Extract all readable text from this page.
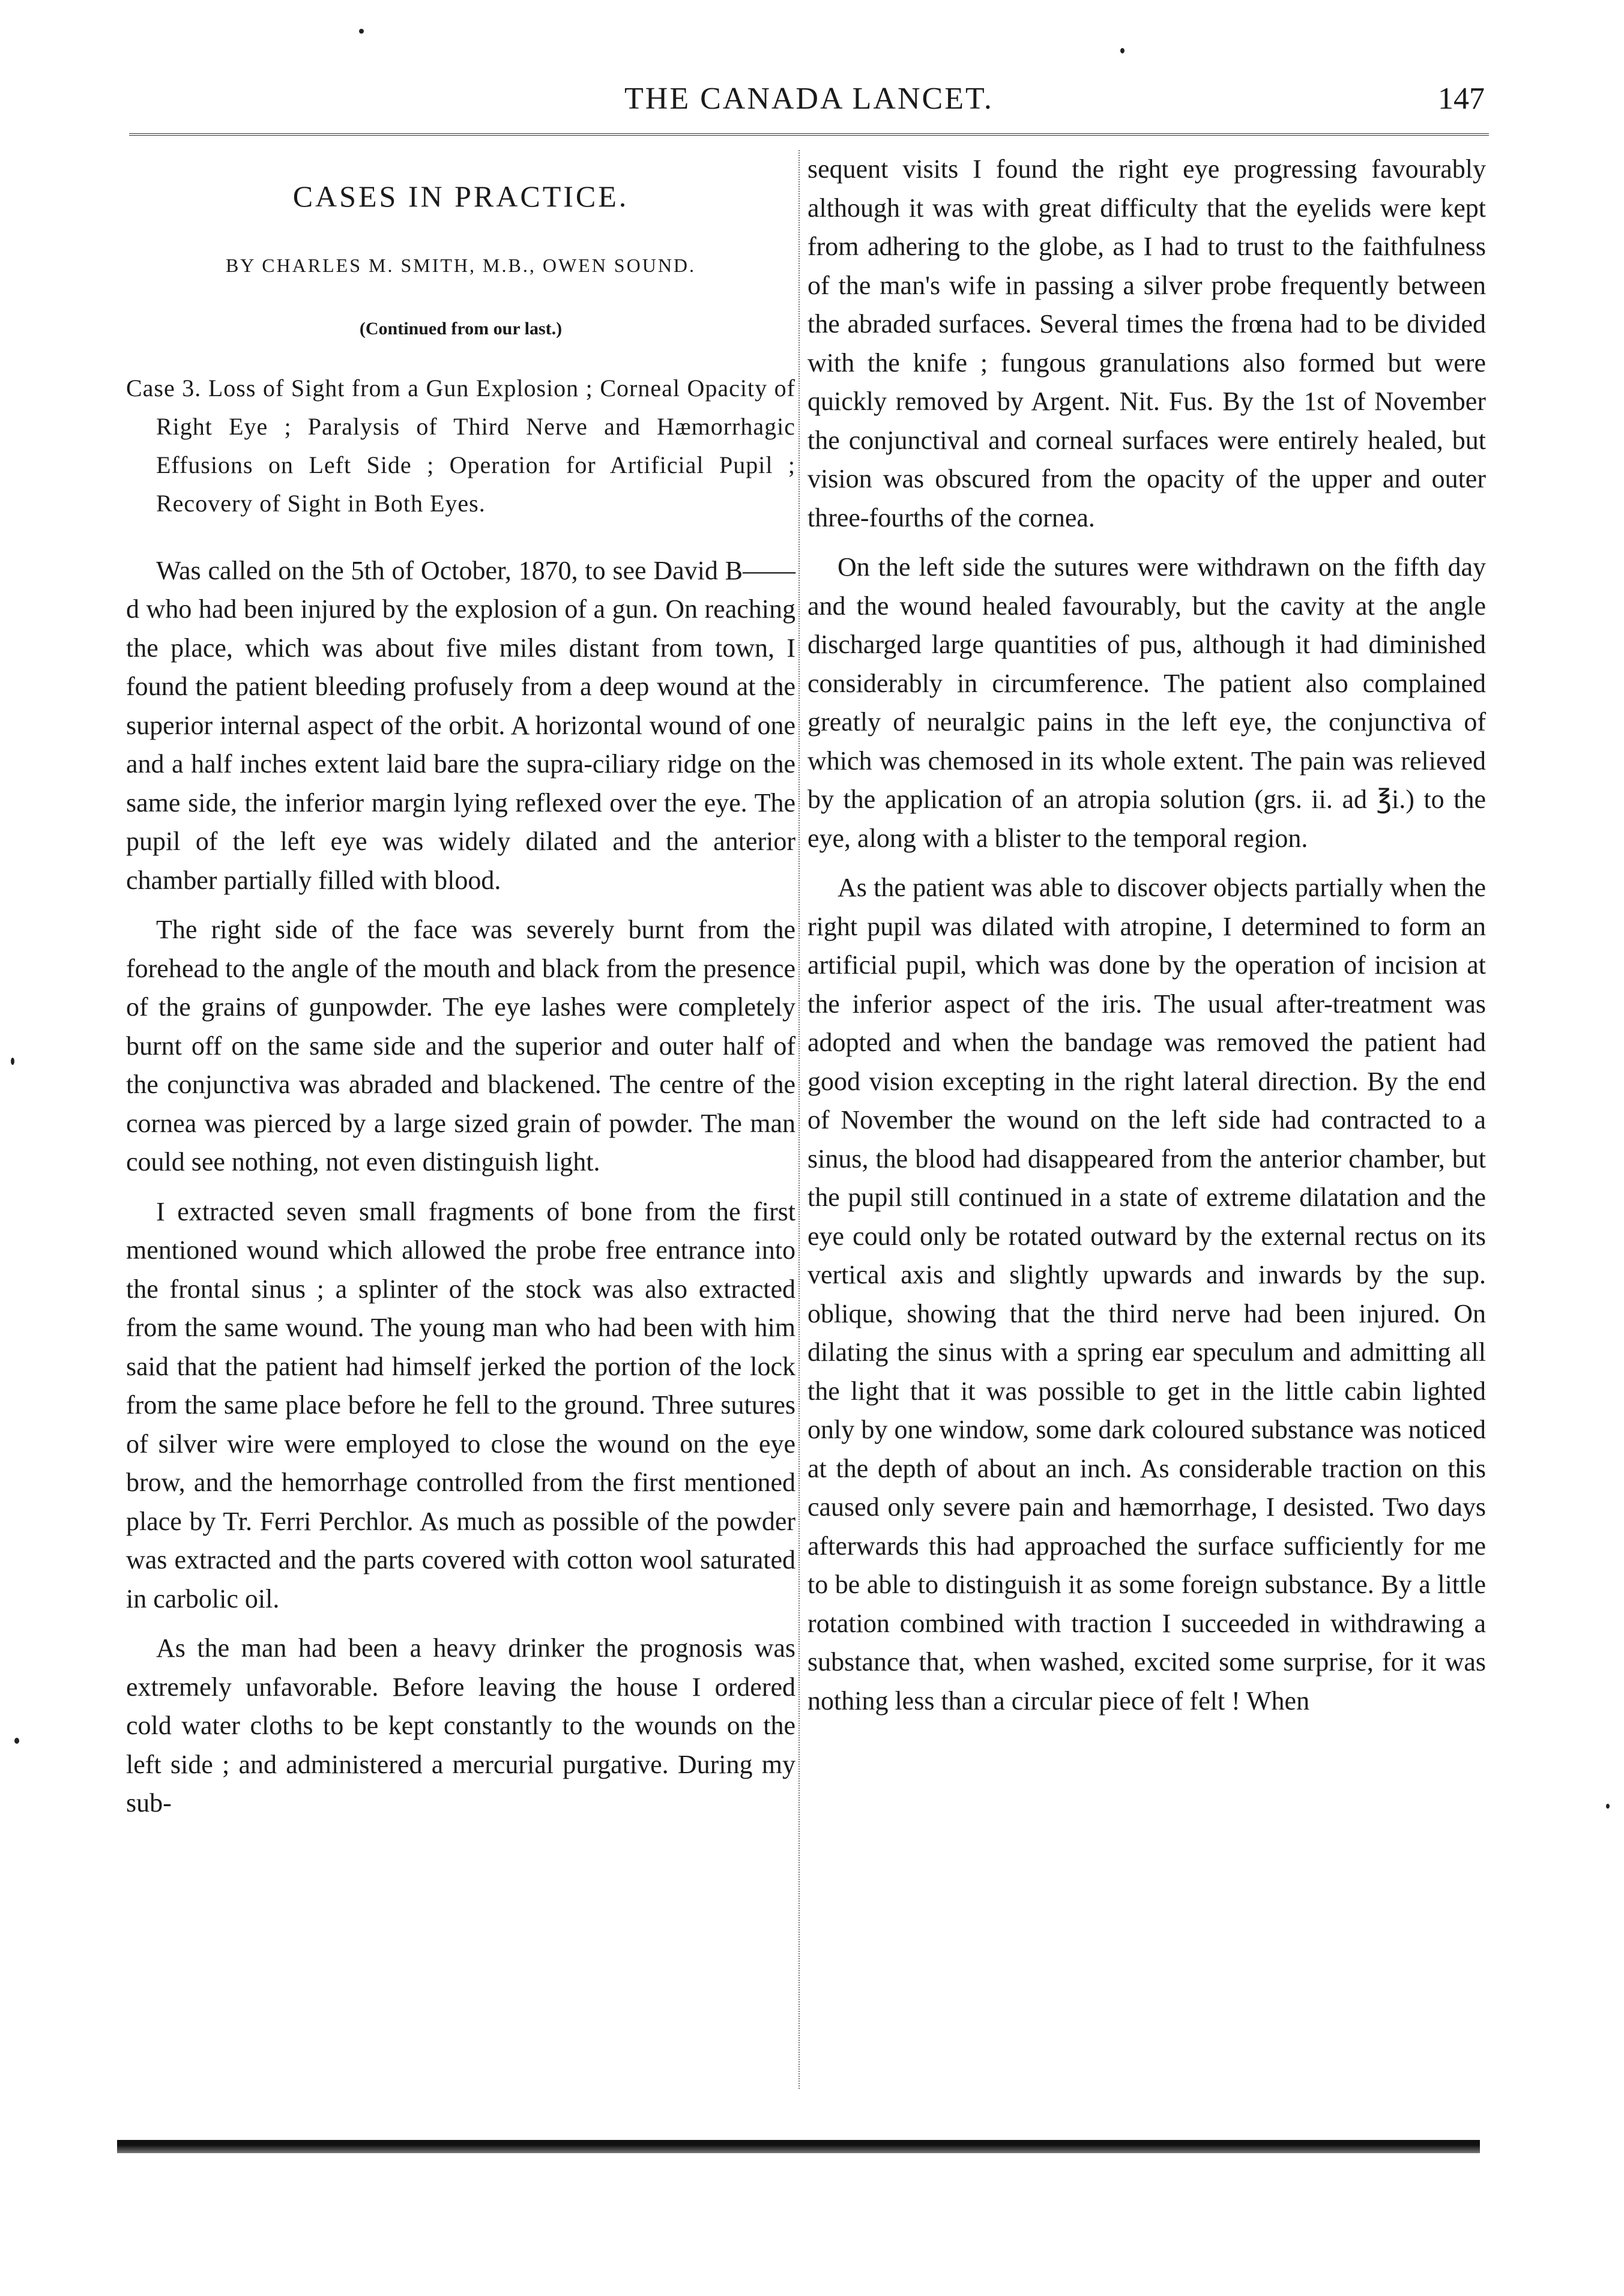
THE CANADA LANCET.	147

CASES IN PRACTICE.

BY CHARLES M. SMITH, M.B., OWEN SOUND.

(Continued from our last.)

Case 3. Loss of Sight from a Gun Explosion ; Corneal Opacity of Right Eye ; Paralysis of Third Nerve and Hæmorrhagic Effusions on Left Side ; Operation for Artificial Pupil ; Recovery of Sight in Both Eyes.

Was called on the 5th of October, 1870, to see David B——d who had been injured by the explosion of a gun. On reaching the place, which was about five miles distant from town, I found the patient bleeding profusely from a deep wound at the superior internal aspect of the orbit. A horizontal wound of one and a half inches extent laid bare the supra-ciliary ridge on the same side, the inferior margin lying reflexed over the eye. The pupil of the left eye was widely dilated and the anterior chamber partially filled with blood.

The right side of the face was severely burnt from the forehead to the angle of the mouth and black from the presence of the grains of gunpowder. The eye lashes were completely burnt off on the same side and the superior and outer half of the conjunctiva was abraded and blackened. The centre of the cornea was pierced by a large sized grain of powder. The man could see nothing, not even distinguish light.

I extracted seven small fragments of bone from the first mentioned wound which allowed the probe free entrance into the frontal sinus ; a splinter of the stock was also extracted from the same wound. The young man who had been with him said that the patient had himself jerked the portion of the lock from the same place before he fell to the ground. Three sutures of silver wire were employed to close the wound on the eye brow, and the hemorrhage controlled from the first mentioned place by Tr. Ferri Perchlor. As much as possible of the powder was extracted and the parts covered with cotton wool saturated in carbolic oil.

As the man had been a heavy drinker the prognosis was extremely unfavorable. Before leaving the house I ordered cold water cloths to be kept constantly to the wounds on the left side ; and administered a mercurial purgative. During my sub-

sequent visits I found the right eye progressing favourably although it was with great difficulty that the eyelids were kept from adhering to the globe, as I had to trust to the faithfulness of the man's wife in passing a silver probe frequently between the abraded surfaces. Several times the frœna had to be divided with the knife ; fungous granulations also formed but were quickly removed by Argent. Nit. Fus. By the 1st of November the conjunctival and corneal surfaces were entirely healed, but vision was obscured from the opacity of the upper and outer three-fourths of the cornea.

On the left side the sutures were withdrawn on the fifth day and the wound healed favourably, but the cavity at the angle discharged large quantities of pus, although it had diminished considerably in circumference. The patient also complained greatly of neuralgic pains in the left eye, the conjunctiva of which was chemosed in its whole extent. The pain was relieved by the application of an atropia solution (grs. ii. ad ℥i.) to the eye, along with a blister to the temporal region.

As the patient was able to discover objects partially when the right pupil was dilated with atropine, I determined to form an artificial pupil, which was done by the operation of incision at the inferior aspect of the iris. The usual after-treatment was adopted and when the bandage was removed the patient had good vision excepting in the right lateral direction. By the end of November the wound on the left side had contracted to a sinus, the blood had disappeared from the anterior chamber, but the pupil still continued in a state of extreme dilatation and the eye could only be rotated outward by the external rectus on its vertical axis and slightly upwards and inwards by the sup. oblique, showing that the third nerve had been injured. On dilating the sinus with a spring ear speculum and admitting all the light that it was possible to get in the little cabin lighted only by one window, some dark coloured substance was noticed at the depth of about an inch. As considerable traction on this caused only severe pain and hæmorrhage, I desisted. Two days afterwards this had approached the surface sufficiently for me to be able to distinguish it as some foreign substance. By a little rotation combined with traction I succeeded in withdrawing a substance that, when washed, excited some surprise, for it was nothing less than a circular piece of felt ! When
